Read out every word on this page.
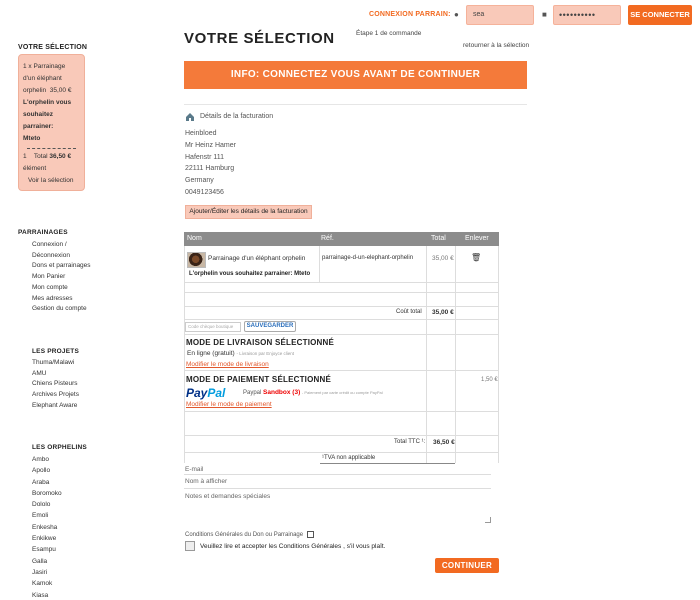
CONNEXION PARRAIN: ●	sea	■	••••••••••	SE CONNECTER
VOTRE SÉLECTION
1 x Parrainage
d'un éléphant
orphelin 35,00 €
L'orphelin vous
souhaitez
parrainer:
Mteto
1 Total 36,50 €
élément
Voir la sélection
PARRAINAGES
Connexion /
Déconnexion
Dons et parrainages
Mon Panier
Mon compte
Mes adresses
Gestion du compte
LES PROJETS
Thuma/Malawi
AMU
Chiens Pisteurs
Archives Projets
Elephant Aware
LES ORPHELINS
Ambo
Apollo
Araba
Boromoko
Dololo
Emoli
Enkesha
Enkikwe
Esampu
Galla
Jasiri
Kamok
Kiasa
VOTRE SÉLECTION	Étape 1 de commande
retourner à la sélection
INFO: CONNECTEZ VOUS AVANT DE CONTINUER
Détails de la facturation
Heinbloed
Mr Heinz Hamer
Hafenstr 111
22111 Hamburg
Germany
0049123456
Ajouter/Éditer les détails de la facturation
Nom	Réf.	Total	Enlever
Parrainage d'un éléphant orphelin	parrainage-d-un-elephant-orphelin	35,00 € 🗑
L'orphelin vous souhaitez parrainer: Mteto
Coût total 35,00 €
Code chèque boutique	SAUVEGARDER
MODE DE LIVRAISON SÉLECTIONNÉ
En ligne (gratuit) - Livraison par Enjoyce client
Modifier le mode de livraison
MODE DE PAIEMENT SÉLECTIONNÉ	1,50 €
PayPal	Paypal Sandbox (3) - Paiement par carte crédit ou compte PayPal
Modifier le mode de paiement
Total TTC ¹: 36,50 €
¹TVA non applicable
E-mail
Nom à afficher
Notes et demandes spéciales
Conditions Générales du Don ou Parrainage
Veuillez lire et accepter les Conditions Générales , s'il vous plaît.
CONTINUER
